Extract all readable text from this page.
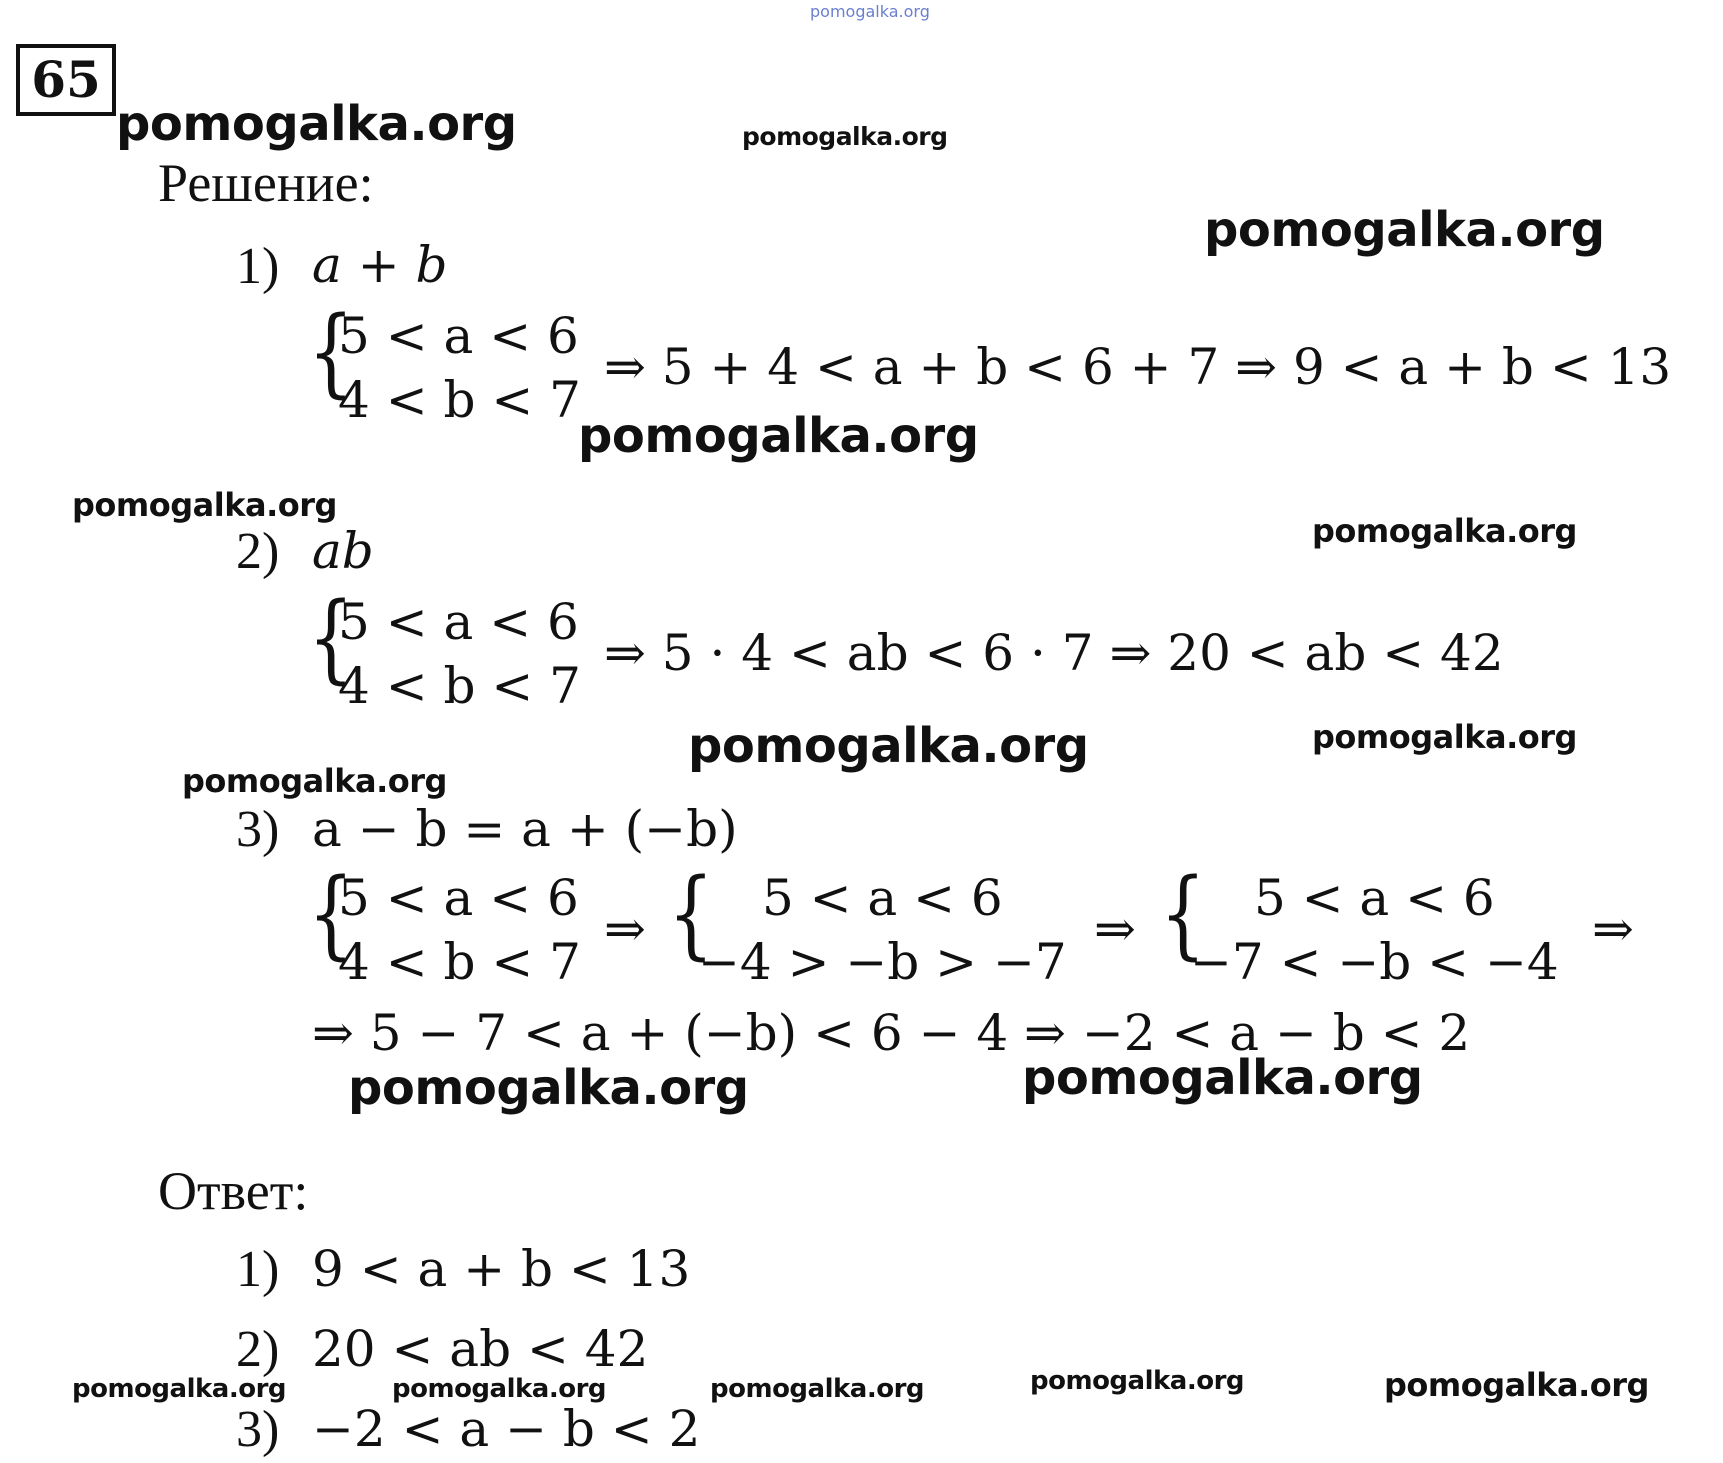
pomogalka.org
65
Решение:
Ответ:
1) a + b
{
5 < a < 6
4 < b < 7
⇒ 5 + 4 < a + b < 6 + 7 ⇒ 9 < a + b < 13
2) ab
{
5 < a < 6
4 < b < 7
⇒ 5 · 4 < ab < 6 · 7 ⇒ 20 < ab < 42
3) a − b = a + (−b)
{
5 < a < 6
4 < b < 7
⇒ { 5 < a < 6
−4 > −b > −7
⇒ { 5 < a < 6
−7 < −b < −4
⇒
⇒ 5 − 7 < a + (−b) < 6 − 4 ⇒ −2 < a − b < 2
1) 9 < a + b < 13
2) 20 < ab < 42
3) −2 < a − b < 2
pomogalka.org	pomogalka.org
pomogalka.org
pomogalka.org
pomogalka.org
pomogalka.org
pomogalka.org	pomogalka.org
pomogalka.org
pomogalka.org	pomogalka.org
pomogalka.org	pomogalka.org	pomogalka.org	pomogalka.org	pomogalka.org
